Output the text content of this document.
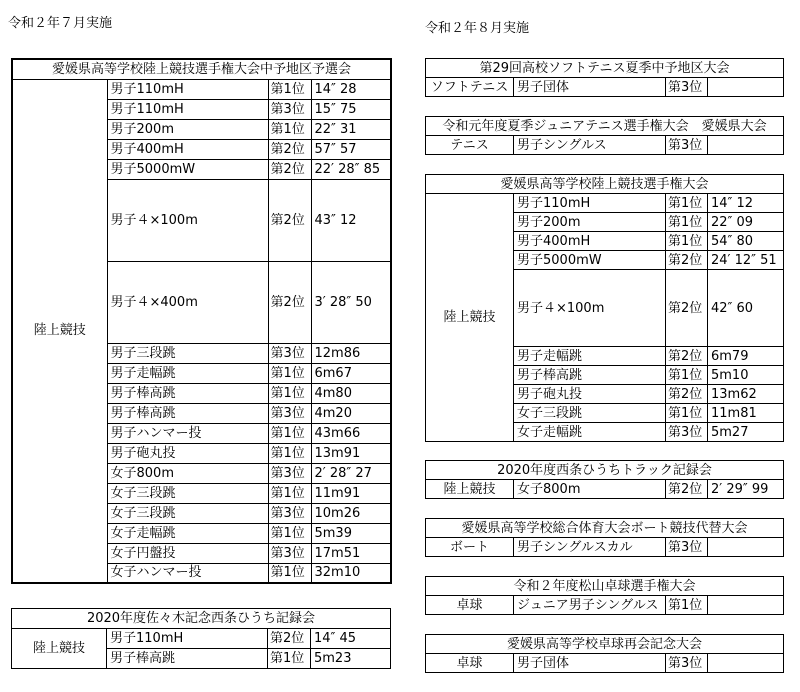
令和２年７月実施	令和２年８月実施
愛媛県高等学校陸上競技選手権大会中予地区予選会			
陸上競技	男子110mH	第1位	14″ 28
	男子110mH	第3位	15″ 75
	男子200m	第1位	22″ 31
	男子400mH	第2位	57″ 57
	男子5000mW	第2位	22′ 28″ 85
	男子４×100m	第2位	43″ 12
	男子４×400m	第2位	3′ 28″ 50
	男子三段跳	第3位	12m86
	男子走幅跳	第1位	6m67
	男子棒高跳	第1位	4m80
	男子棒高跳	第3位	4m20
	男子ハンマー投	第1位	43m66
	男子砲丸投	第1位	13m91
	女子800m	第3位	2′ 28″ 27
	女子三段跳	第1位	11m91
	女子三段跳	第3位	10m26
	女子走幅跳	第1位	5m39
	女子円盤投	第3位	17m51
	女子ハンマー投	第1位	32m10
2020年度佐々木記念西条ひうち記録会			
陸上競技	男子110mH	第2位	14″ 45
	男子棒高跳	第1位	5m23
第29回高校ソフトテニス夏季中予地区大会
ソフトテニス	男子団体	第3位	
令和元年度夏季ジュニアテニス選手権大会　愛媛県大会
テニス	男子シングルス	第3位	
愛媛県高等学校陸上競技選手権大会			
陸上競技	男子110mH	第1位	14″ 12
	男子200m	第1位	22″ 09
	男子400mH	第1位	54″ 80
	男子5000mW	第2位	24′ 12″ 51
	男子４×100m	第2位	42″ 60
	男子走幅跳	第2位	6m79
	男子棒高跳	第1位	5m10
	男子砲丸投	第2位	13m62
	女子三段跳	第1位	11m81
	女子走幅跳	第3位	5m27
2020年度西条ひうちトラック記録会
陸上競技	女子800m	第2位	2′ 29″ 99
愛媛県高等学校総合体育大会ボート競技代替大会
ボート	男子シングルスカル	第3位	
令和２年度松山卓球選手権大会
卓球	ジュニア男子シングルス	第1位	
愛媛県高等学校卓球再会記念大会
卓球	男子団体	第3位	
